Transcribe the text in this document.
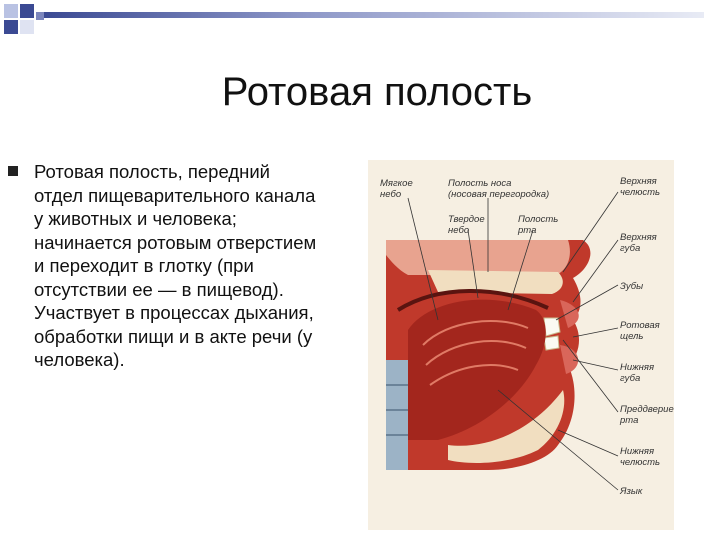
Ротовая полость

Ротовая полость, передний отдел пищеварительного канала у животных и человека; начинается ротовым отверстием и переходит в глотку (при отсутствии ее — в пищевод). Участвует в процессах дыхания, обработки пищи и в акте речи (у человека).

Мягкое небо
Полость носа (носовая перегородка)
Твердое небо
Полость рта
Верхняя челюсть
Верхняя губа
Зубы
Ротовая щель
Нижняя губа
Преддверие рта
Нижняя челюсть
Язык
